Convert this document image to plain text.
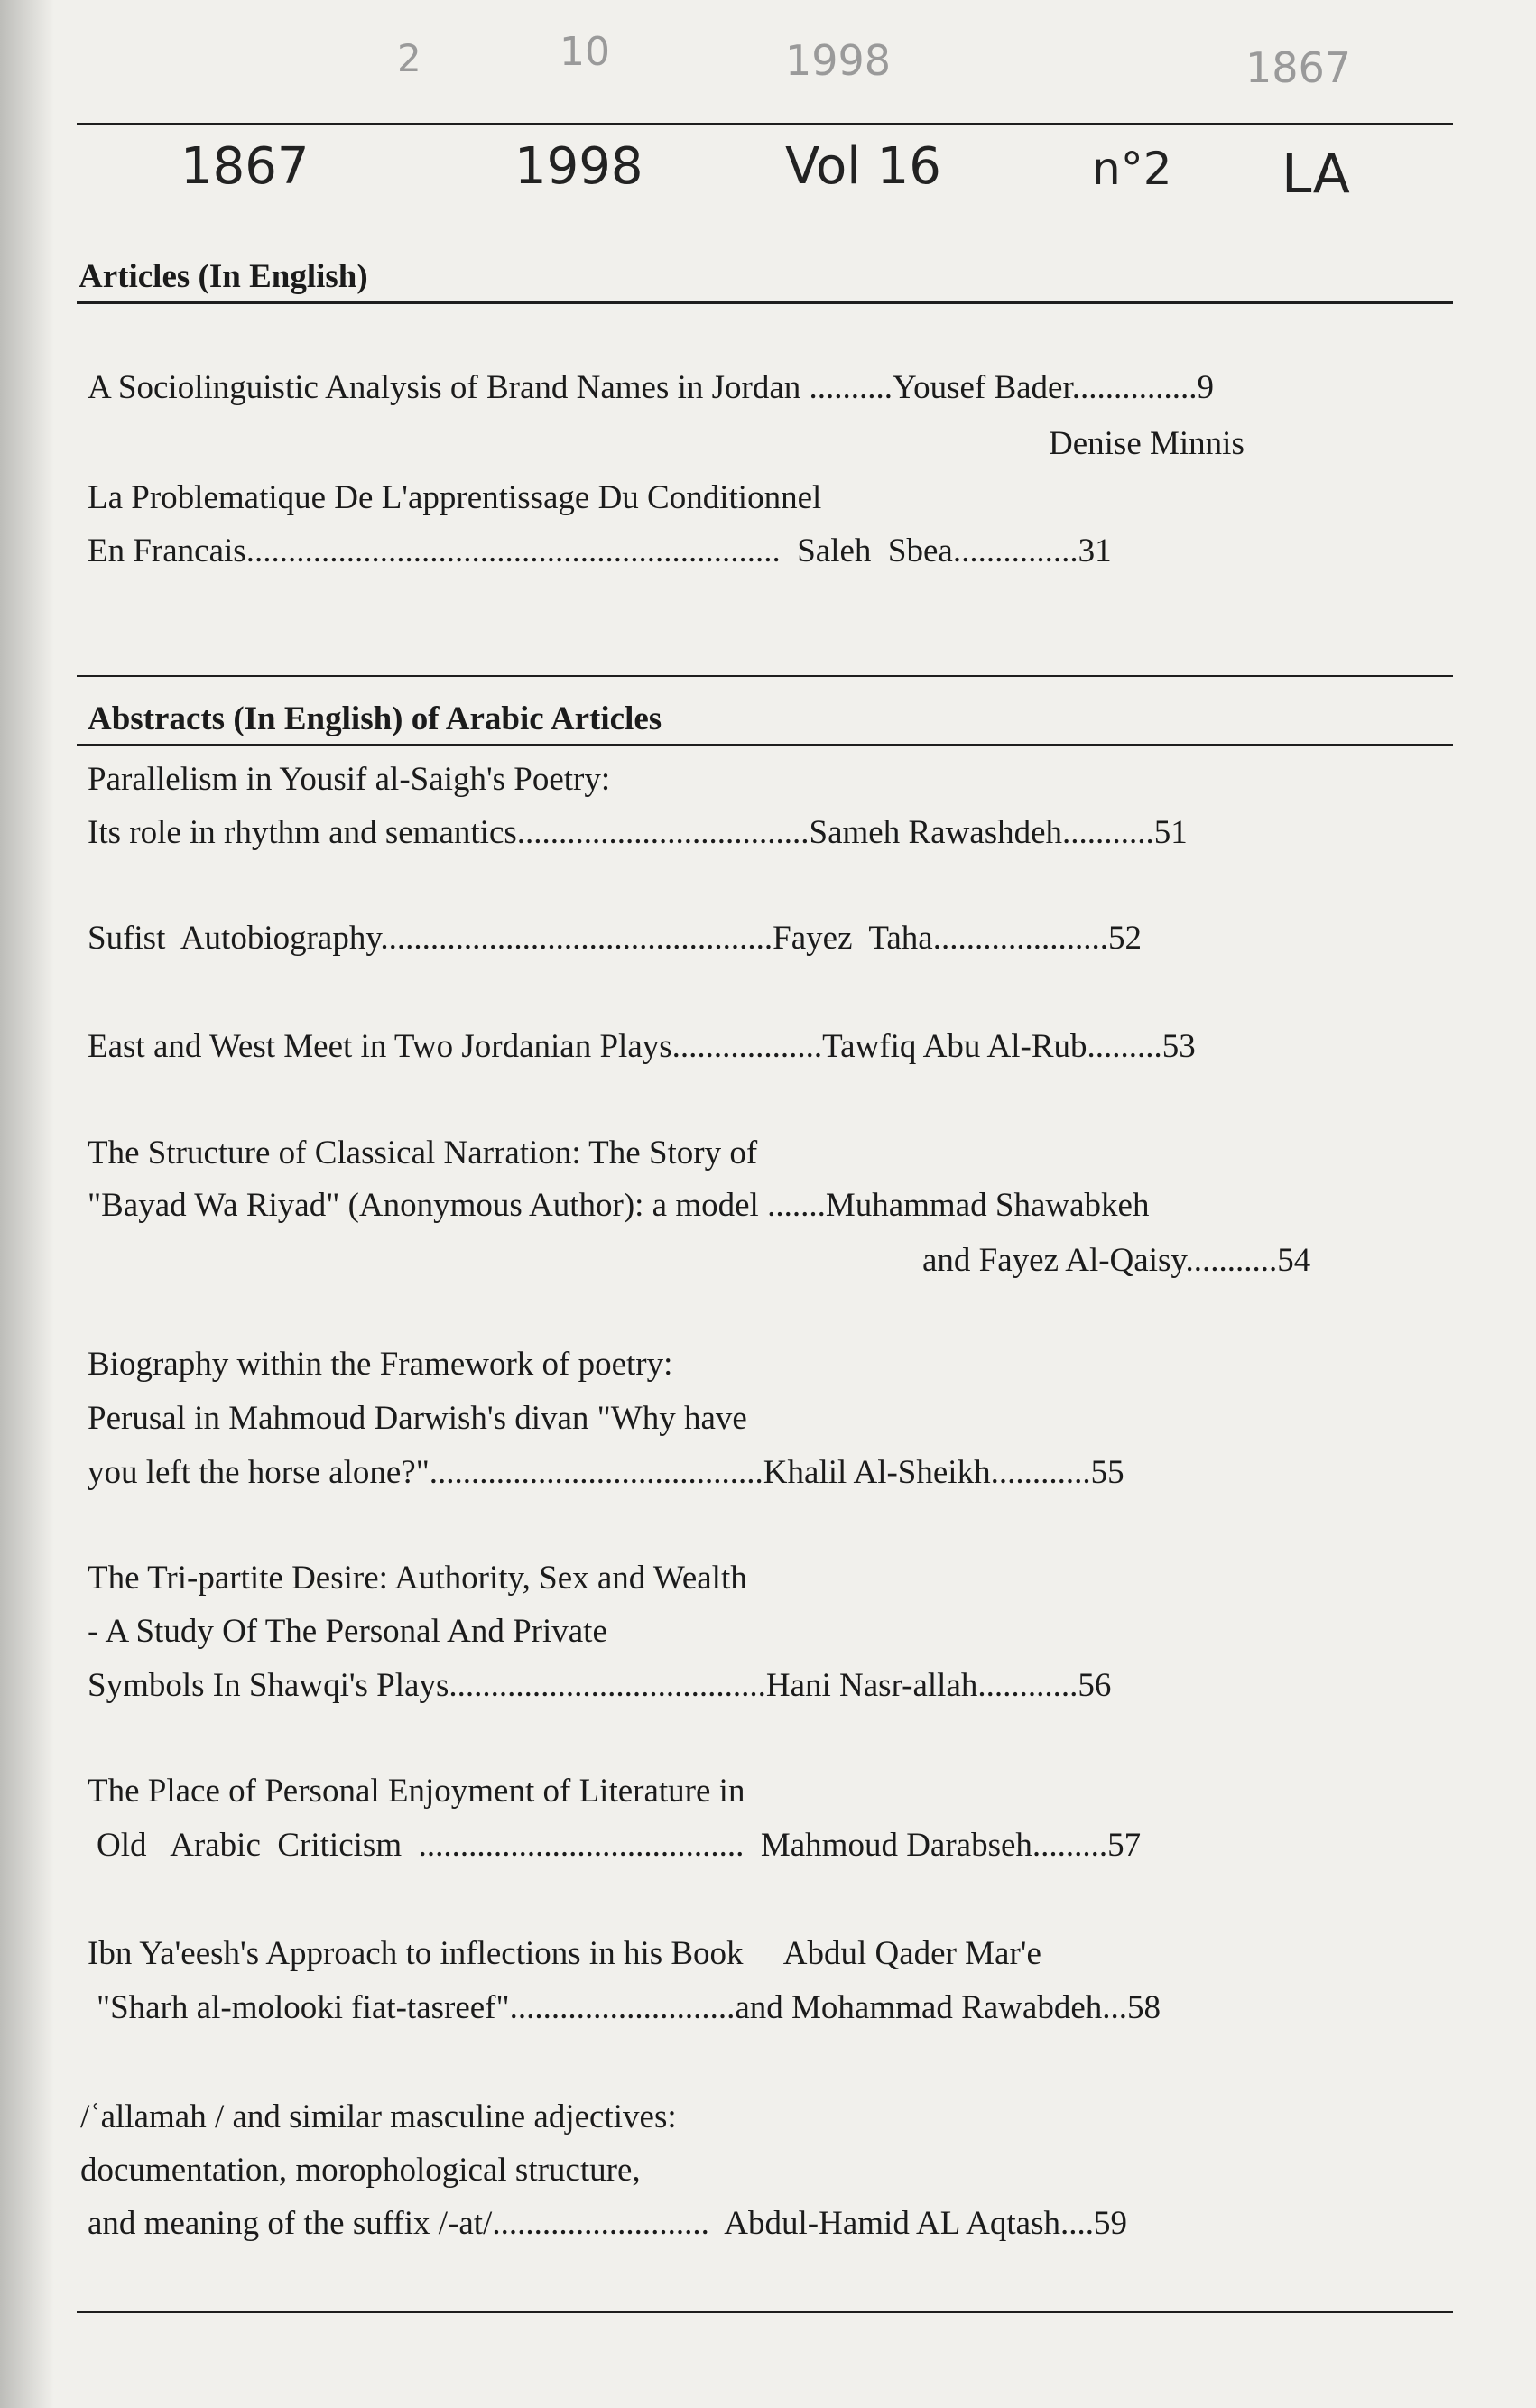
2	10	1998	1867
1867	1998	Vol 16	n°2 LA
Articles (In English)
A Sociolinguistic Analysis of Brand Names in Jordan ..........Yousef Bader...............9
Denise Minnis
La Problematique De L'apprentissage Du Conditionnel
En Francais................................................................  Saleh  Sbea...............31
Abstracts (In English) of Arabic Articles
Parallelism in Yousif al-Saigh's Poetry:
Its role in rhythm and semantics...................................Sameh Rawashdeh...........51
Sufist  Autobiography...............................................Fayez  Taha.....................52
East and West Meet in Two Jordanian Plays..................Tawfiq Abu Al-Rub.........53
The Structure of Classical Narration: The Story of
"Bayad Wa Riyad" (Anonymous Author): a model .......Muhammad Shawabkeh
and Fayez Al-Qaisy...........54
Biography within the Framework of poetry:
Perusal in Mahmoud Darwish's divan "Why have
you left the horse alone?"........................................Khalil Al-Sheikh............55
The Tri-partite Desire: Authority, Sex and Wealth
- A Study Of The Personal And Private
Symbols In Shawqi's Plays......................................Hani Nasr-allah............56
The Place of Personal Enjoyment of Literature in
Old   Arabic  Criticism  .......................................  Mahmoud Darabseh.........57
Ibn Ya'eesh's Approach to inflections in his Book     Abdul Qader Mar'e
"Sharh al-molooki fiat-tasreef"...........................and Mohammad Rawabdeh...58
/ʿallamah / and similar masculine adjectives:
documentation, morophological structure,
and meaning of the suffix /-at/..........................  Abdul-Hamid AL Aqtash....59
